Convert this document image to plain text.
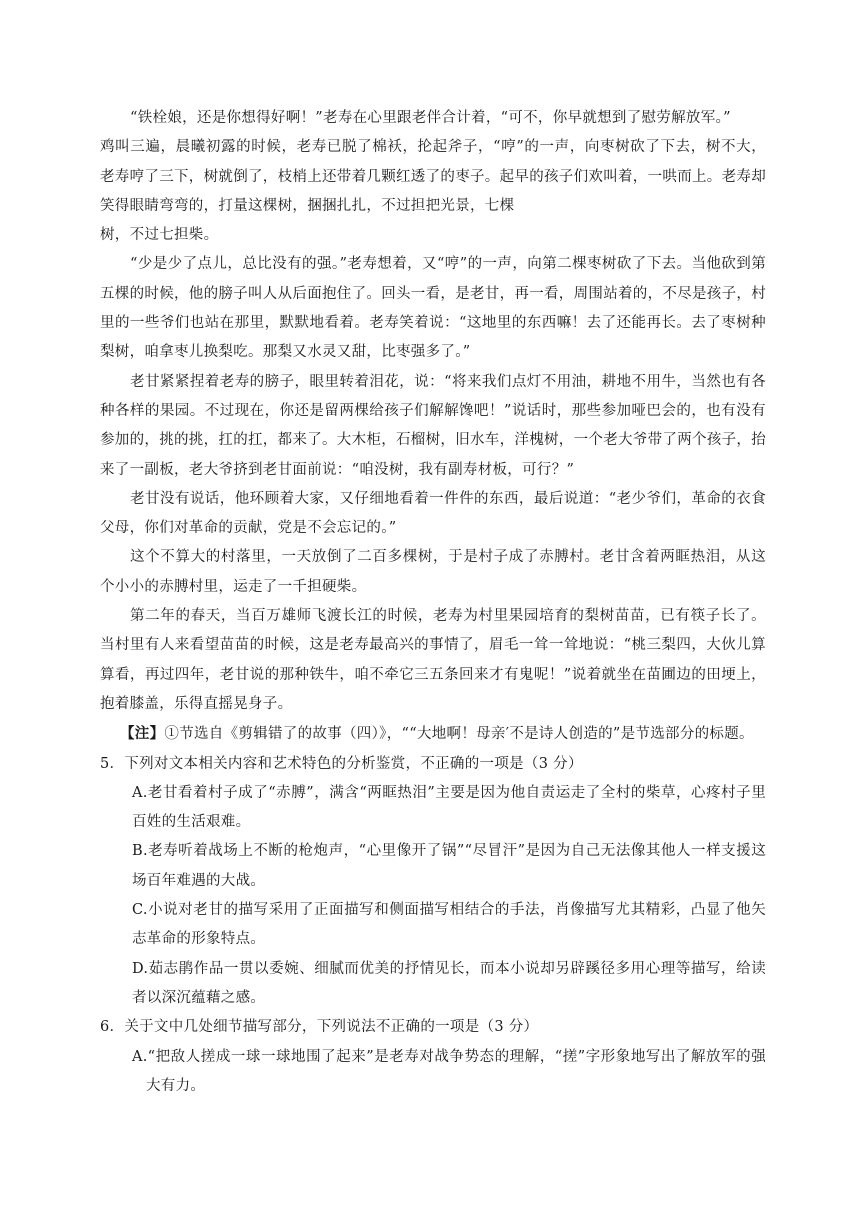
“铁栓娘，还是你想得好啊！”老寿在心里跟老伴合计着，“可不，你早就想到了慰劳解放军。”

鸡叫三遍，晨曦初露的时候，老寿已脱了棉袄，抡起斧子，“哼”的一声，向枣树砍了下去，树不大，老寿哼了三下，树就倒了，枝梢上还带着几颗红透了的枣子。起早的孩子们欢叫着，一哄而上。老寿却笑得眼睛弯弯的，打量这棵树，捆捆扎扎，不过担把光景，七棵

树，不过七担柴。

“少是少了点儿，总比没有的强。”老寿想着，又“哼”的一声，向第二棵枣树砍了下去。当他砍到第五棵的时候，他的膀子叫人从后面抱住了。回头一看，是老甘，再一看，周围站着的，不尽是孩子，村里的一些爷们也站在那里，默默地看着。老寿笑着说：“这地里的东西嘛！去了还能再长。去了枣树种梨树，咱拿枣儿换梨吃。那梨又水灵又甜，比枣强多了。”

老甘紧紧捏着老寿的膀子，眼里转着泪花，说：“将来我们点灯不用油，耕地不用牛，当然也有各种各样的果园。不过现在，你还是留两棵给孩子们解解馋吧！”说话时，那些参加哑巴会的，也有没有参加的，挑的挑，扛的扛，都来了。大木柜，石榴树，旧水车，洋槐树，一个老大爷带了两个孩子，抬来了一副板，老大爷挤到老甘面前说：“咱没树，我有副寿材板，可行？”

老甘没有说话，他环顾着大家，又仔细地看着一件件的东西，最后说道：“老少爷们，革命的衣食父母，你们对革命的贡献，党是不会忘记的。”

这个不算大的村落里，一天放倒了二百多棵树，于是村子成了赤膊村。老甘含着两眶热泪，从这个小小的赤膊村里，运走了一千担硬柴。

第二年的春天，当百万雄师飞渡长江的时候，老寿为村里果园培育的梨树苗苗，已有筷子长了。当村里有人来看望苗苗的时候，这是老寿最高兴的事情了，眉毛一耸一耸地说：“桃三梨四，大伙儿算算看，再过四年，老甘说的那种铁牛，咱不牵它三五条回来才有鬼呢！”说着就坐在苗圃边的田埂上，抱着膝盖，乐得直摇晃身子。

【注】①节选自《剪辑错了的故事（四）》，““大地啊！母亲′不是诗人创造的”是节选部分的标题。

5．下列对文本相关内容和艺术特色的分析鉴赏，不正确的一项是（3 分）

A.老甘看着村子成了“赤膊”，满含“两眶热泪”主要是因为他自责运走了全村的柴草，心疼村子里百姓的生活艰难。

B.老寿听着战场上不断的枪炮声，“心里像开了锅”“尽冒汗”是因为自己无法像其他人一样支援这场百年难遇的大战。

C.小说对老甘的描写采用了正面描写和侧面描写相结合的手法，肖像描写尤其精彩，凸显了他矢志革命的形象特点。

D.茹志鹃作品一贯以委婉、细腻而优美的抒情见长，而本小说却另辟蹊径多用心理等描写，给读者以深沉蕴藉之感。

6．关于文中几处细节描写部分，下列说法不正确的一项是（3 分）

A.“把敌人搓成一球一球地围了起来”是老寿对战争势态的理解，“搓”字形象地写出了解放军的强大有力。
